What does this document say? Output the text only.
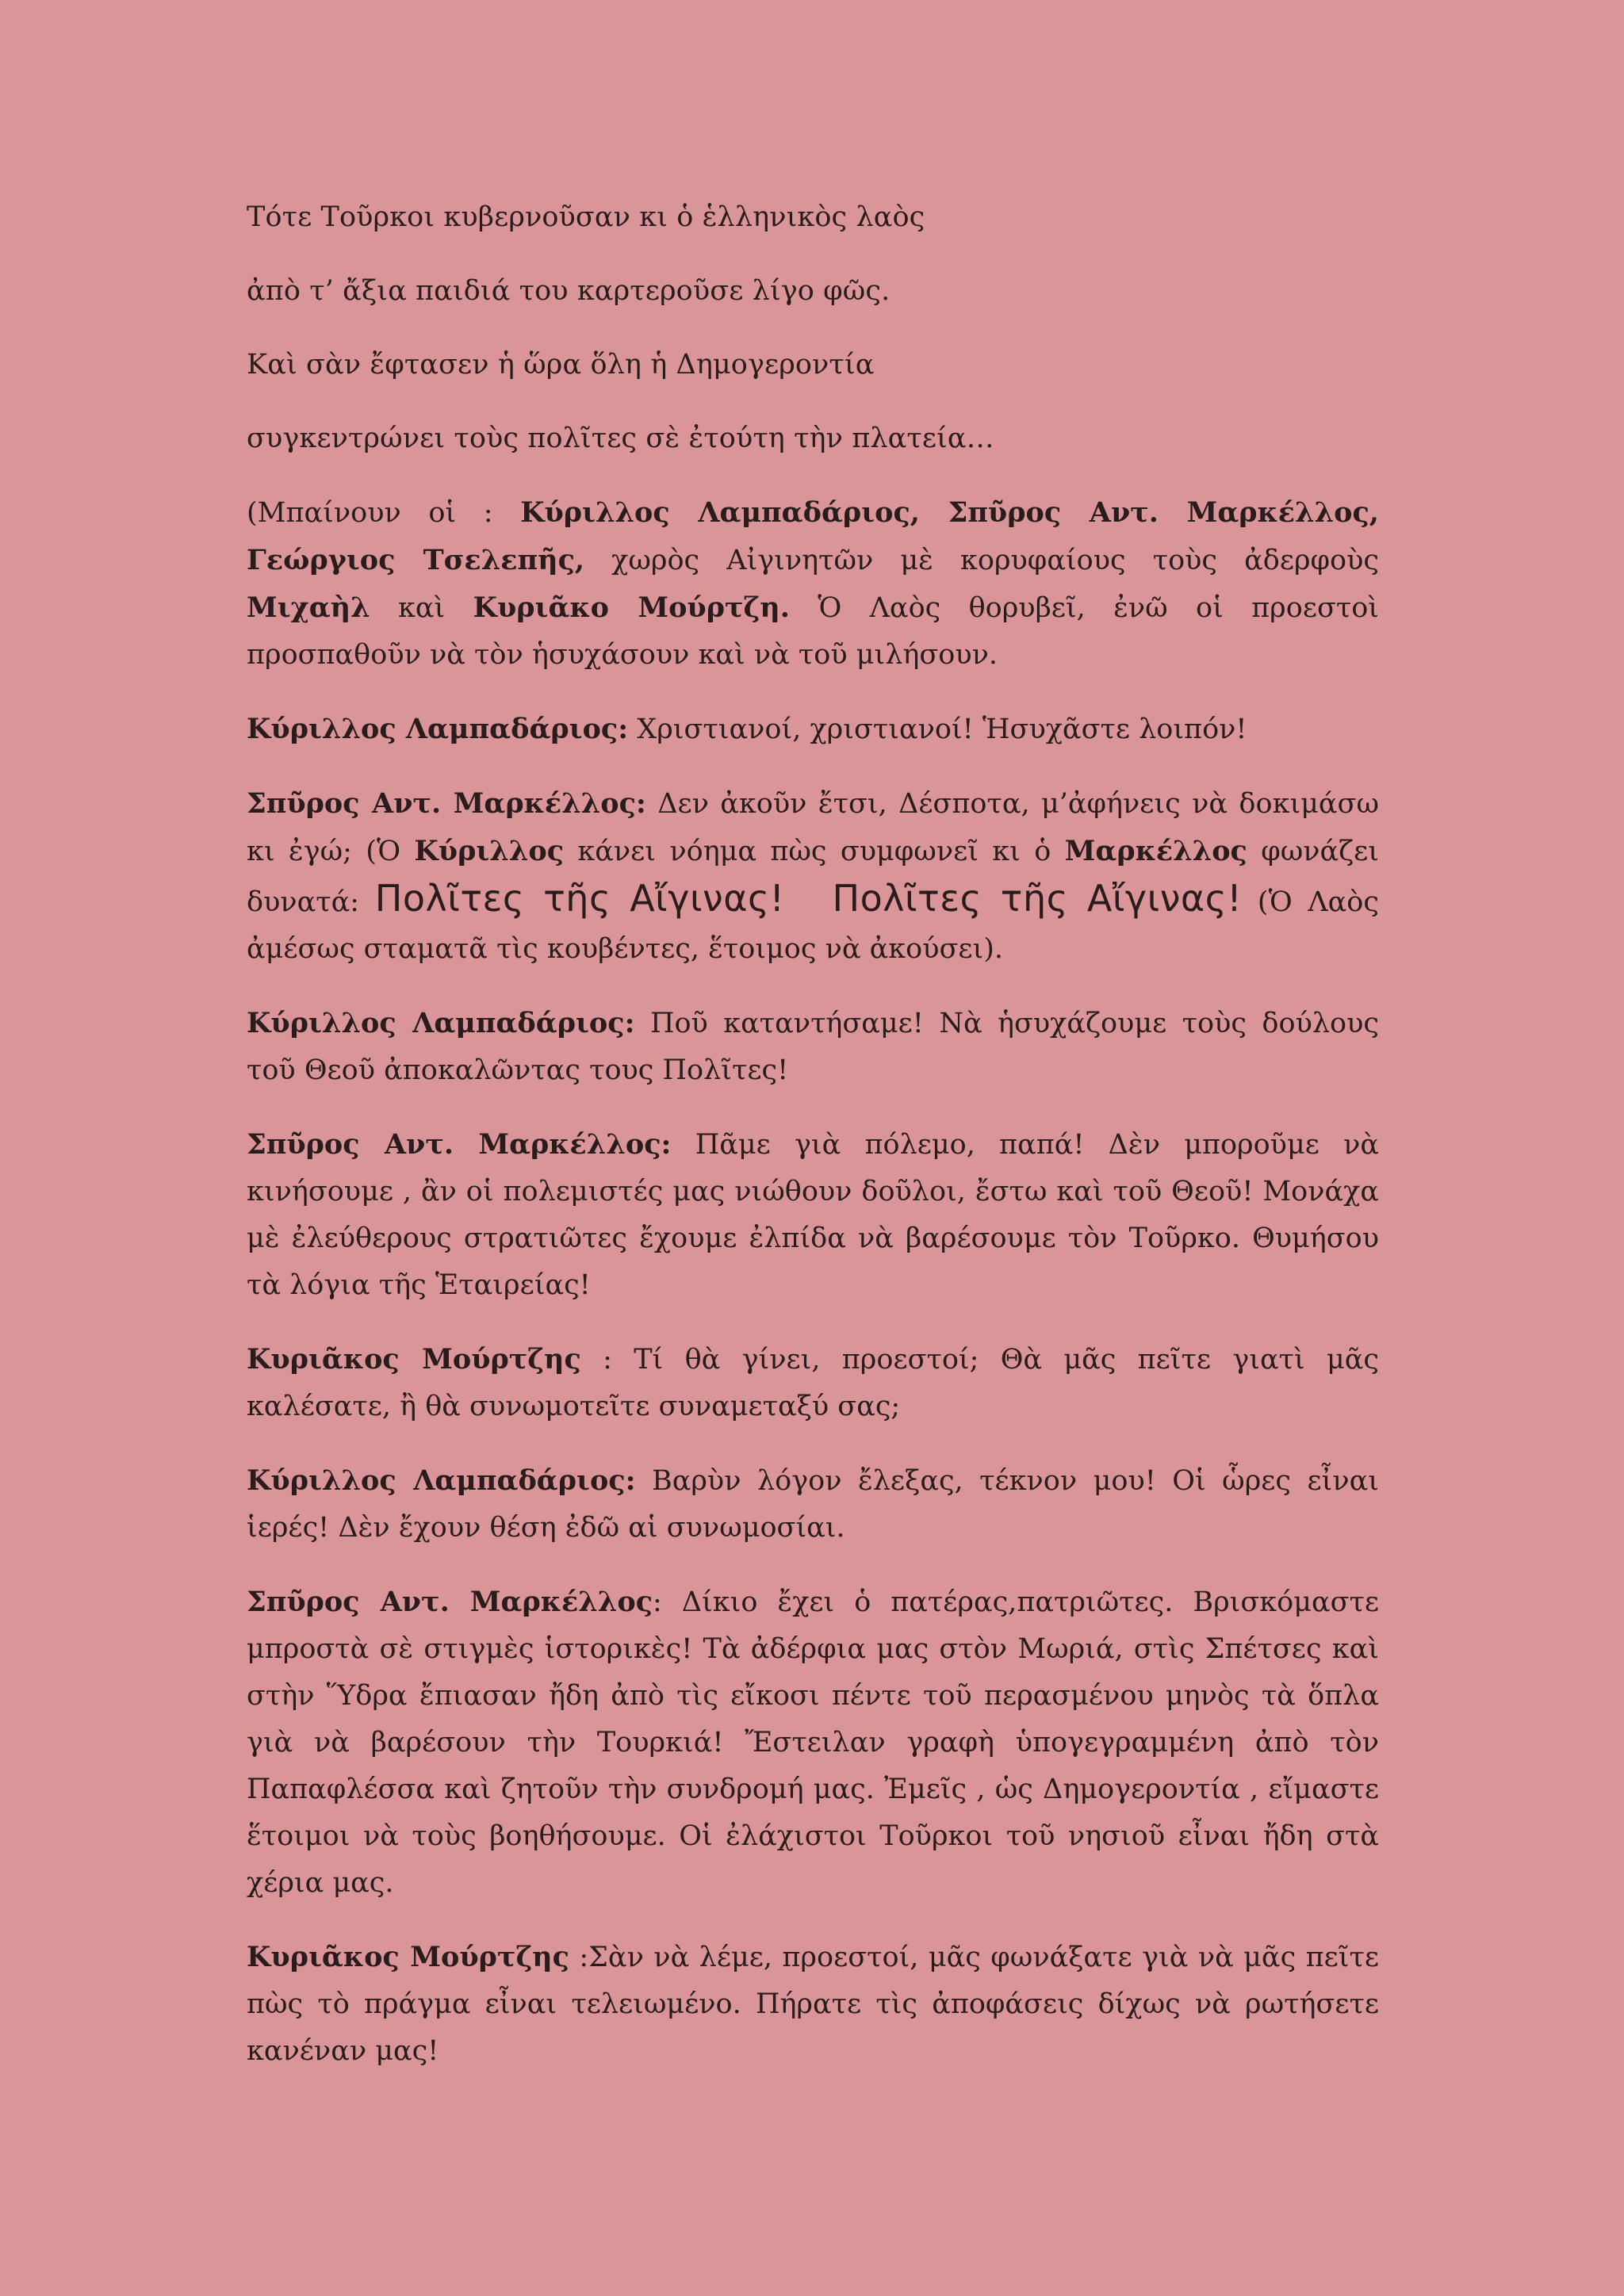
Τότε Τοῦρκοι κυβερνοῦσαν κι ὁ ἑλληνικὸς λαὸς

ἀπὸ τ’ ἄξια παιδιά του καρτεροῦσε λίγο φῶς.

Καὶ σὰν ἔφτασεν ἡ ὥρα ὅλη ἡ Δημογεροντία

συγκεντρώνει τοὺς πολῖτες σὲ ἐτούτη τὴν πλατεία…

(Μπαίνουν οἱ : Κύριλλος Λαμπαδάριος, Σπῦρος Αντ. Μαρκέλλος, Γεώργιος Τσελεπῆς, χωρὸς Αἰγινητῶν μὲ κορυφαίους τοὺς ἀδερφοὺς Μιχαὴλ καὶ Κυριᾶκο Μούρτζη. Ὁ Λαὸς θορυβεῖ, ἐνῶ οἱ προεστοὶ προσπαθοῦν νὰ τὸν ἡσυχάσουν καὶ νὰ τοῦ μιλήσουν.

Κύριλλος Λαμπαδάριος: Χριστιανοί, χριστιανοί! Ἡσυχᾶστε λοιπόν!

Σπῦρος Αντ. Μαρκέλλος: Δεν ἀκοῦν ἔτσι, Δέσποτα, μ’ἀφήνεις νὰ δοκιμάσω κι ἐγώ; (Ὁ Κύριλλος κάνει νόημα πὼς συμφωνεῖ κι ὁ Μαρκέλλος φωνάζει δυνατά: Πολῖτες τῆς Αἴγινας! Πολῖτες τῆς Αἴγινας! (Ὁ Λαὸς ἀμέσως σταματᾶ τὶς κουβέντες, ἕτοιμος νὰ ἀκούσει).

Κύριλλος Λαμπαδάριος: Ποῦ καταντήσαμε! Νὰ ἡσυχάζουμε τοὺς δούλους τοῦ Θεοῦ ἀποκαλῶντας τους Πολῖτες!

Σπῦρος Αντ. Μαρκέλλος: Πᾶμε γιὰ πόλεμο, παπά! Δὲν μποροῦμε νὰ κινήσουμε , ἂν οἱ πολεμιστές μας νιώθουν δοῦλοι, ἔστω καὶ τοῦ Θεοῦ! Μονάχα μὲ ἐλεύθερους στρατιῶτες ἔχουμε ἐλπίδα νὰ βαρέσουμε τὸν Τοῦρκο. Θυμήσου τὰ λόγια τῆς Ἑταιρείας!

Κυριᾶκος Μούρτζης : Τί θὰ γίνει, προεστοί; Θὰ μᾶς πεῖτε γιατὶ μᾶς καλέσατε, ἢ θὰ συνωμοτεῖτε συναμεταξύ σας;

Κύριλλος Λαμπαδάριος: Βαρὺν λόγον ἔλεξας, τέκνον μου! Οἱ ὧρες εἶναι ἱερές! Δὲν ἔχουν θέση ἐδῶ αἱ συνωμοσίαι.

Σπῦρος Αντ. Μαρκέλλος: Δίκιο ἔχει ὁ πατέρας,πατριῶτες. Βρισκόμαστε μπροστὰ σὲ στιγμὲς ἱστορικὲς! Τὰ ἀδέρφια μας στὸν Μωριά, στὶς Σπέτσες καὶ στὴν Ὕδρα ἔπιασαν ἤδη ἀπὸ τὶς εἴκοσι πέντε τοῦ περασμένου μηνὸς τὰ ὅπλα γιὰ νὰ βαρέσουν τὴν Τουρκιά! Ἔστειλαν γραφὴ ὑπογεγραμμένη ἀπὸ τὸν Παπαφλέσσα καὶ ζητοῦν τὴν συνδρομή μας. Ἐμεῖς , ὡς Δημογεροντία , εἴμαστε ἕτοιμοι νὰ τοὺς βοηθήσουμε. Οἱ ἐλάχιστοι Τοῦρκοι τοῦ νησιοῦ εἶναι ἤδη στὰ χέρια μας.

Κυριᾶκος Μούρτζης :Σὰν νὰ λέμε, προεστοί, μᾶς φωνάξατε γιὰ νὰ μᾶς πεῖτε πὼς τὸ πράγμα εἶναι τελειωμένο. Πήρατε τὶς ἀποφάσεις δίχως νὰ ρωτήσετε κανέναν μας!
